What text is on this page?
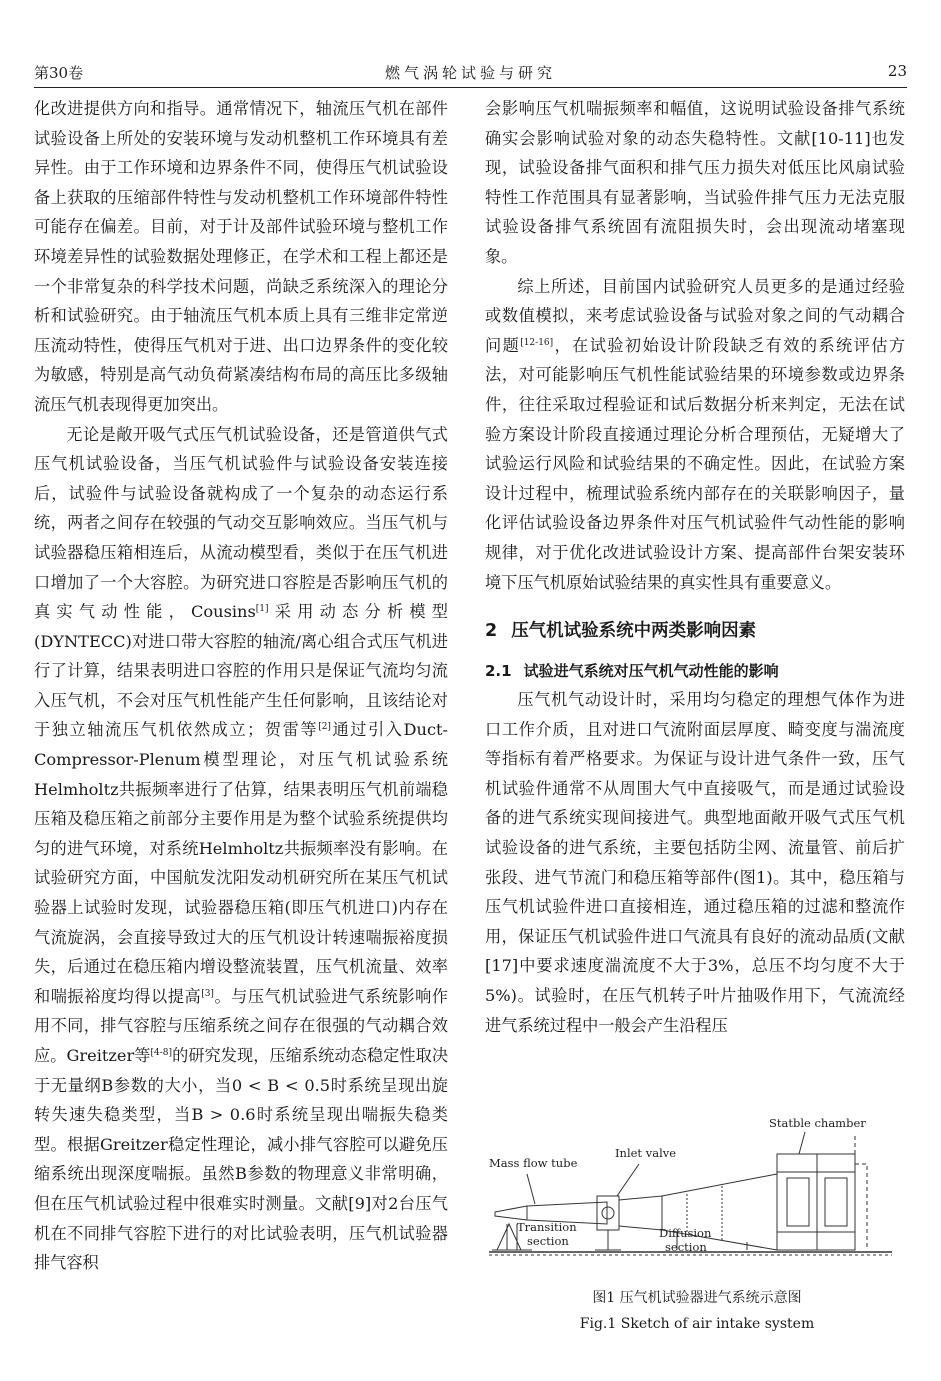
第30卷	燃气涡轮试验与研究	23

化改进提供方向和指导。通常情况下，轴流压气机在部件试验设备上所处的安装环境与发动机整机工作环境具有差异性。由于工作环境和边界条件不同，使得压气机试验设备上获取的压缩部件特性与发动机整机工作环境部件特性可能存在偏差。目前，对于计及部件试验环境与整机工作环境差异性的试验数据处理修正，在学术和工程上都还是一个非常复杂的科学技术问题，尚缺乏系统深入的理论分析和试验研究。由于轴流压气机本质上具有三维非定常逆压流动特性，使得压气机对于进、出口边界条件的变化较为敏感，特别是高气动负荷紧凑结构布局的高压比多级轴流压气机表现得更加突出。

无论是敞开吸气式压气机试验设备，还是管道供气式压气机试验设备，当压气机试验件与试验设备安装连接后，试验件与试验设备就构成了一个复杂的动态运行系统，两者之间存在较强的气动交互影响效应。当压气机与试验器稳压箱相连后，从流动模型看，类似于在压气机进口增加了一个大容腔。为研究进口容腔是否影响压气机的真实气动性能，Cousins[1]采用动态分析模型(DYNTECC)对进口带大容腔的轴流/离心组合式压气机进行了计算，结果表明进口容腔的作用只是保证气流均匀流入压气机，不会对压气机性能产生任何影响，且该结论对于独立轴流压气机依然成立；贺雷等[2]通过引入Duct-Compressor-Plenum模型理论，对压气机试验系统Helmholtz共振频率进行了估算，结果表明压气机前端稳压箱及稳压箱之前部分主要作用是为整个试验系统提供均匀的进气环境，对系统Helmholtz共振频率没有影响。在试验研究方面，中国航发沈阳发动机研究所在某压气机试验器上试验时发现，试验器稳压箱(即压气机进口)内存在气流旋涡，会直接导致过大的压气机设计转速喘振裕度损失，后通过在稳压箱内增设整流装置，压气机流量、效率和喘振裕度均得以提高[3]。与压气机试验进气系统影响作用不同，排气容腔与压缩系统之间存在很强的气动耦合效应。Greitzer等[4-8]的研究发现，压缩系统动态稳定性取决于无量纲B参数的大小，当0 < B < 0.5时系统呈现出旋转失速失稳类型，当B > 0.6时系统呈现出喘振失稳类型。根据Greitzer稳定性理论，减小排气容腔可以避免压缩系统出现深度喘振。虽然B参数的物理意义非常明确，但在压气机试验过程中很难实时测量。文献[9]对2台压气机在不同排气容腔下进行的对比试验表明，压气机试验器排气容积

会影响压气机喘振频率和幅值，这说明试验设备排气系统确实会影响试验对象的动态失稳特性。文献[10-11]也发现，试验设备排气面积和排气压力损失对低压比风扇试验特性工作范围具有显著影响，当试验件排气压力无法克服试验设备排气系统固有流阻损失时，会出现流动堵塞现象。

综上所述，目前国内试验研究人员更多的是通过经验或数值模拟，来考虑试验设备与试验对象之间的气动耦合问题[12-16]，在试验初始设计阶段缺乏有效的系统评估方法，对可能影响压气机性能试验结果的环境参数或边界条件，往往采取过程验证和试后数据分析来判定，无法在试验方案设计阶段直接通过理论分析合理预估，无疑增大了试验运行风险和试验结果的不确定性。因此，在试验方案设计过程中，梳理试验系统内部存在的关联影响因子，量化评估试验设备边界条件对压气机试验件气动性能的影响规律，对于优化改进试验设计方案、提高部件台架安装环境下压气机原始试验结果的真实性具有重要意义。

2 压气机试验系统中两类影响因素
2.1 试验进气系统对压气机气动性能的影响

压气机气动设计时，采用均匀稳定的理想气体作为进口工作介质，且对进口气流附面层厚度、畸变度与湍流度等指标有着严格要求。为保证与设计进气条件一致，压气机试验件通常不从周围大气中直接吸气，而是通过试验设备的进气系统实现间接进气。典型地面敞开吸气式压气机试验设备的进气系统，主要包括防尘网、流量管、前后扩张段、进气节流门和稳压箱等部件(图1)。其中，稳压箱与压气机试验件进口直接相连，通过稳压箱的过滤和整流作用，保证压气机试验件进口气流具有良好的流动品质(文献[17]中要求速度湍流度不大于3%，总压不均匀度不大于5%)。试验时，在压气机转子叶片抽吸作用下，气流流经进气系统过程中一般会产生沿程压

Statble chamber
Inlet valve
Mass flow tube
Transition
section
Diffusion
section
图1 压气机试验器进气系统示意图
Fig.1 Sketch of air intake system
